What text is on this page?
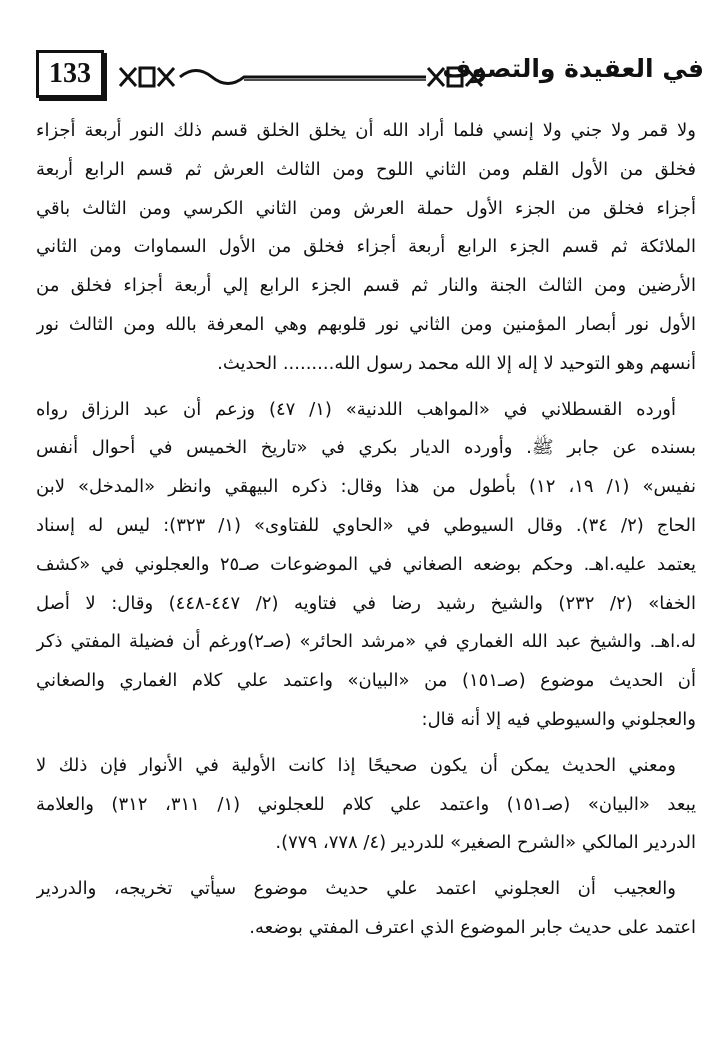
133	في العقيدة والتصوف
ولا قمر ولا جني ولا إنسي فلما أراد الله أن يخلق الخلق قسم ذلك النور أربعة أجزاء
فخلق من الأول القلم ومن الثاني اللوح ومن الثالث العرش ثم قسم الرابع أربعة
أجزاء فخلق من الجزء الأول حملة العرش ومن الثاني الكرسي ومن الثالث باقي
الملائكة ثم قسم الجزء الرابع أربعة أجزاء فخلق من الأول السماوات ومن الثاني
الأرضين ومن الثالث الجنة والنار ثم قسم الجزء الرابع إلي أربعة أجزاء فخلق من
الأول نور أبصار المؤمنين ومن الثاني نور قلوبهم وهي المعرفة بالله ومن الثالث نور
أنسهم وهو التوحيد لا إله إلا الله محمد رسول الله......... الحديث.
أورده القسطلاني في «المواهب اللدنية» (١/ ٤٧) وزعم أن عبد الرزاق رواه
بسنده عن جابر ﷺ. وأورده الديار بكري في «تاريخ الخميس في أحوال أنفس
نفيس» (١/ ١٩، ١٢) بأطول من هذا وقال: ذكره البيهقي وانظر «المدخل» لابن
الحاج (٢/ ٣٤). وقال السيوطي في «الحاوي للفتاوى» (١/ ٣٢٣): ليس له إسناد
يعتمد عليه.اهـ. وحكم بوضعه الصغاني في الموضوعات صـ٢٥ والعجلوني في «كشف
الخفا» (٢/ ٢٣٢) والشيخ رشيد رضا في فتاويه (٢/ ٤٤٧-٤٤٨) وقال: لا أصل
له.اهـ. والشيخ عبد الله الغماري في «مرشد الحائر» (صـ٢)ورغم أن فضيلة المفتي ذكر
أن الحديث موضوع (صـ١٥١) من «البيان» واعتمد علي كلام الغماري والصغاني
والعجلوني والسيوطي فيه إلا أنه قال:
ومعني الحديث يمكن أن يكون صحيحًا إذا كانت الأولية في الأنوار فإن ذلك لا
يبعد «البيان» (صـ١٥١) واعتمد علي كلام للعجلوني (١/ ٣١١، ٣١٢) والعلامة
الدردير المالكي «الشرح الصغير» للدردير (٤/ ٧٧٨، ٧٧٩).
والعجيب أن العجلوني اعتمد علي حديث موضوع سيأتي تخريجه، والدردير
اعتمد على حديث جابر الموضوع الذي اعترف المفتي بوضعه.
